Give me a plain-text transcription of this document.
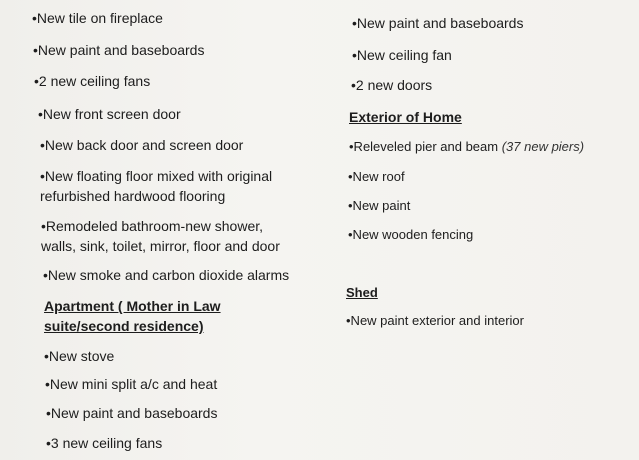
•New tile on fireplace
•New paint and baseboards
•2 new ceiling fans
•New front screen door
•New back door and screen door
•New floating floor mixed with original
refurbished hardwood flooring
•Remodeled bathroom-new shower,
walls, sink, toilet, mirror, floor and door
•New smoke and carbon dioxide alarms
Apartment ( Mother in Law
suite/second residence)
•New stove
•New mini split a/c and heat
•New paint and baseboards
•3 new ceiling fans
•New paint and baseboards
•New ceiling fan
•2 new doors
Exterior of Home
•Releveled pier and beam (37 new piers)
•New roof
•New paint
•New wooden fencing
Shed
•New paint exterior and interior
